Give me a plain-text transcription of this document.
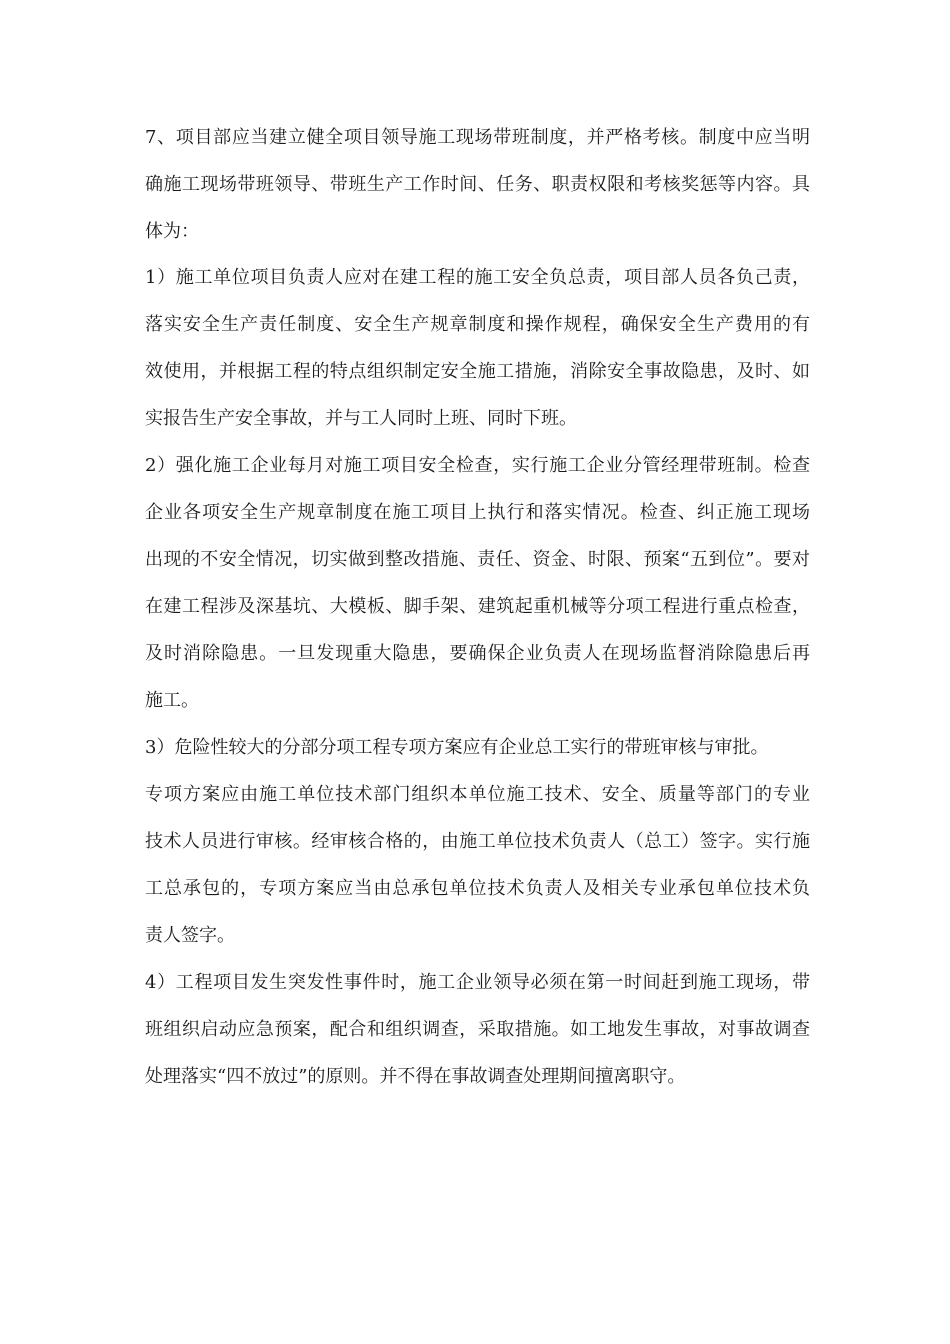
7、项目部应当建立健全项目领导施工现场带班制度，并严格考核。制度中应当明
确施工现场带班领导、带班生产工作时间、任务、职责权限和考核奖惩等内容。具
体为：
1）施工单位项目负责人应对在建工程的施工安全负总责，项目部人员各负己责，
落实安全生产责任制度、安全生产规章制度和操作规程，确保安全生产费用的有
效使用，并根据工程的特点组织制定安全施工措施，消除安全事故隐患，及时、如
实报告生产安全事故，并与工人同时上班、同时下班。
2）强化施工企业每月对施工项目安全检查，实行施工企业分管经理带班制。检查
企业各项安全生产规章制度在施工项目上执行和落实情况。检查、纠正施工现场
出现的不安全情况，切实做到整改措施、责任、资金、时限、预案“五到位”。要对
在建工程涉及深基坑、大模板、脚手架、建筑起重机械等分项工程进行重点检查，
及时消除隐患。一旦发现重大隐患，要确保企业负责人在现场监督消除隐患后再
施工。
3）危险性较大的分部分项工程专项方案应有企业总工实行的带班审核与审批。
专项方案应由施工单位技术部门组织本单位施工技术、安全、质量等部门的专业
技术人员进行审核。经审核合格的，由施工单位技术负责人（总工）签字。实行施
工总承包的，专项方案应当由总承包单位技术负责人及相关专业承包单位技术负
责人签字。
4）工程项目发生突发性事件时，施工企业领导必须在第一时间赶到施工现场，带
班组织启动应急预案，配合和组织调查，采取措施。如工地发生事故，对事故调查
处理落实“四不放过”的原则。并不得在事故调查处理期间擅离职守。
